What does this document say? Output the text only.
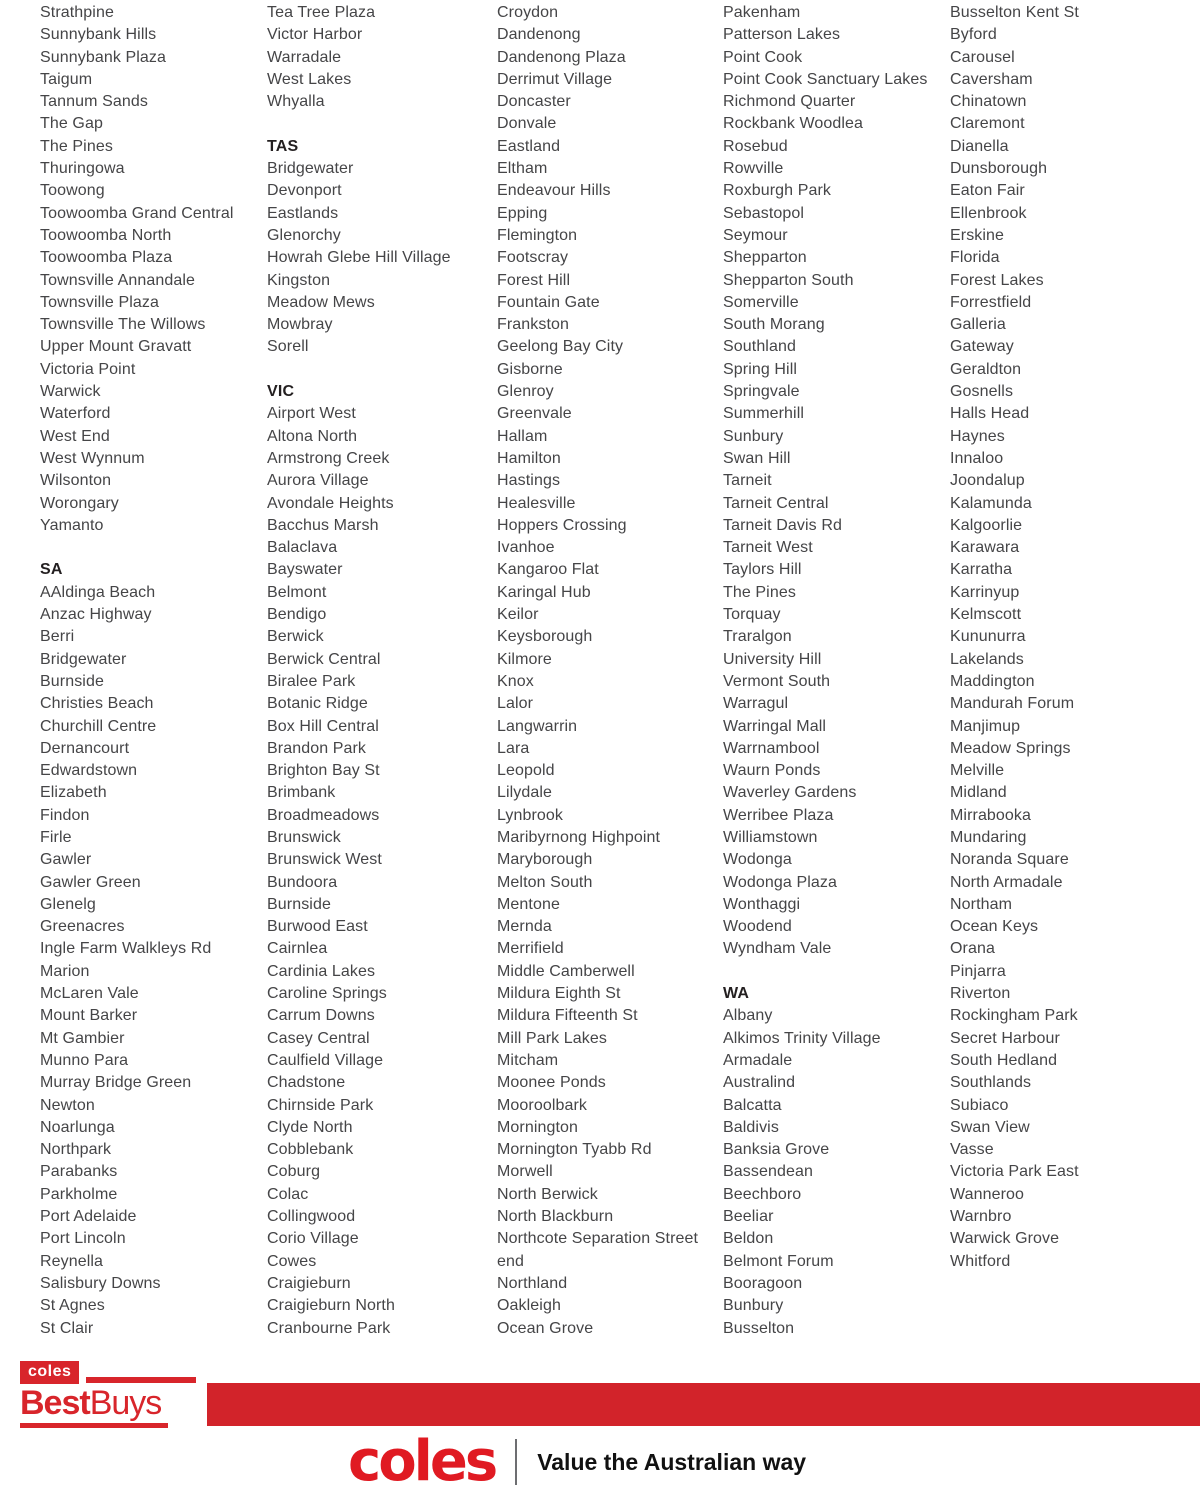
Strathpine
Sunnybank Hills
Sunnybank Plaza
Taigum
Tannum Sands
The Gap
The Pines
Thuringowa
Toowong
Toowoomba Grand Central
Toowoomba North
Toowoomba Plaza
Townsville Annandale
Townsville Plaza
Townsville The Willows
Upper Mount Gravatt
Victoria Point
Warwick
Waterford
West End
West Wynnum
Wilsonton
Worongary
Yamanto
SA
AAldinga Beach
Anzac Highway
Berri
Bridgewater
Burnside
Christies Beach
Churchill Centre
Dernancourt
Edwardstown
Elizabeth
Findon
Firle
Gawler
Gawler Green
Glenelg
Greenacres
Ingle Farm Walkleys Rd
Marion
McLaren Vale
Mount Barker
Mt Gambier
Munno Para
Murray Bridge Green
Newton
Noarlunga
Northpark
Parabanks
Parkholme
Port Adelaide
Port Lincoln
Reynella
Salisbury Downs
St Agnes
St Clair
Tea Tree Plaza
Victor Harbor
Warradale
West Lakes
Whyalla
TAS
Bridgewater
Devonport
Eastlands
Glenorchy
Howrah Glebe Hill Village
Kingston
Meadow Mews
Mowbray
Sorell
VIC
Airport West
Altona North
Armstrong Creek
Aurora Village
Avondale Heights
Bacchus Marsh
Balaclava
Bayswater
Belmont
Bendigo
Berwick
Berwick Central
Biralee Park
Botanic Ridge
Box Hill Central
Brandon Park
Brighton Bay St
Brimbank
Broadmeadows
Brunswick
Brunswick West
Bundoora
Burnside
Burwood East
Cairnlea
Cardinia Lakes
Caroline Springs
Carrum Downs
Casey Central
Caulfield Village
Chadstone
Chirnside Park
Clyde North
Cobblebank
Coburg
Colac
Collingwood
Corio Village
Cowes
Craigieburn
Craigieburn North
Cranbourne Park
Croydon
Dandenong
Dandenong Plaza
Derrimut Village
Doncaster
Donvale
Eastland
Eltham
Endeavour Hills
Epping
Flemington
Footscray
Forest Hill
Fountain Gate
Frankston
Geelong Bay City
Gisborne
Glenroy
Greenvale
Hallam
Hamilton
Hastings
Healesville
Hoppers Crossing
Ivanhoe
Kangaroo Flat
Karingal Hub
Keilor
Keysborough
Kilmore
Knox
Lalor
Langwarrin
Lara
Leopold
Lilydale
Lynbrook
Maribyrnong Highpoint
Maryborough
Melton South
Mentone
Mernda
Merrifield
Middle Camberwell
Mildura Eighth St
Mildura Fifteenth St
Mill Park Lakes
Mitcham
Moonee Ponds
Mooroolbark
Mornington
Mornington Tyabb Rd
Morwell
North Berwick
North Blackburn
Northcote Separation Street end
Northland
Oakleigh
Ocean Grove
Pakenham
Patterson Lakes
Point Cook
Point Cook Sanctuary Lakes
Richmond Quarter
Rockbank Woodlea
Rosebud
Rowville
Roxburgh Park
Sebastopol
Seymour
Shepparton
Shepparton South
Somerville
South Morang
Southland
Spring Hill
Springvale
Summerhill
Sunbury
Swan Hill
Tarneit
Tarneit Central
Tarneit Davis Rd
Tarneit West
Taylors Hill
The Pines
Torquay
Traralgon
University Hill
Vermont South
Warragul
Warringal Mall
Warrnambool
Waurn Ponds
Waverley Gardens
Werribee Plaza
Williamstown
Wodonga
Wodonga Plaza
Wonthaggi
Woodend
Wyndham Vale
WA
Albany
Alkimos Trinity Village
Armadale
Australind
Balcatta
Baldivis
Banksia Grove
Bassendean
Beechboro
Beeliar
Beldon
Belmont Forum
Booragoon
Bunbury
Busselton
Busselton Kent St
Byford
Carousel
Caversham
Chinatown
Claremont
Dianella
Dunsborough
Eaton Fair
Ellenbrook
Erskine
Florida
Forest Lakes
Forrestfield
Galleria
Gateway
Geraldton
Gosnells
Halls Head
Haynes
Innaloo
Joondalup
Kalamunda
Kalgoorlie
Karawara
Karratha
Karrinyup
Kelmscott
Kununurra
Lakelands
Maddington
Mandurah Forum
Manjimup
Meadow Springs
Melville
Midland
Mirrabooka
Mundaring
Noranda Square
North Armadale
Northam
Ocean Keys
Orana
Pinjarra
Riverton
Rockingham Park
Secret Harbour
South Hedland
Southlands
Subiaco
Swan View
Vasse
Victoria Park East
Wanneroo
Warnbro
Warwick Grove
Whitford
coles
BestBuys
coles Value the Australian way
